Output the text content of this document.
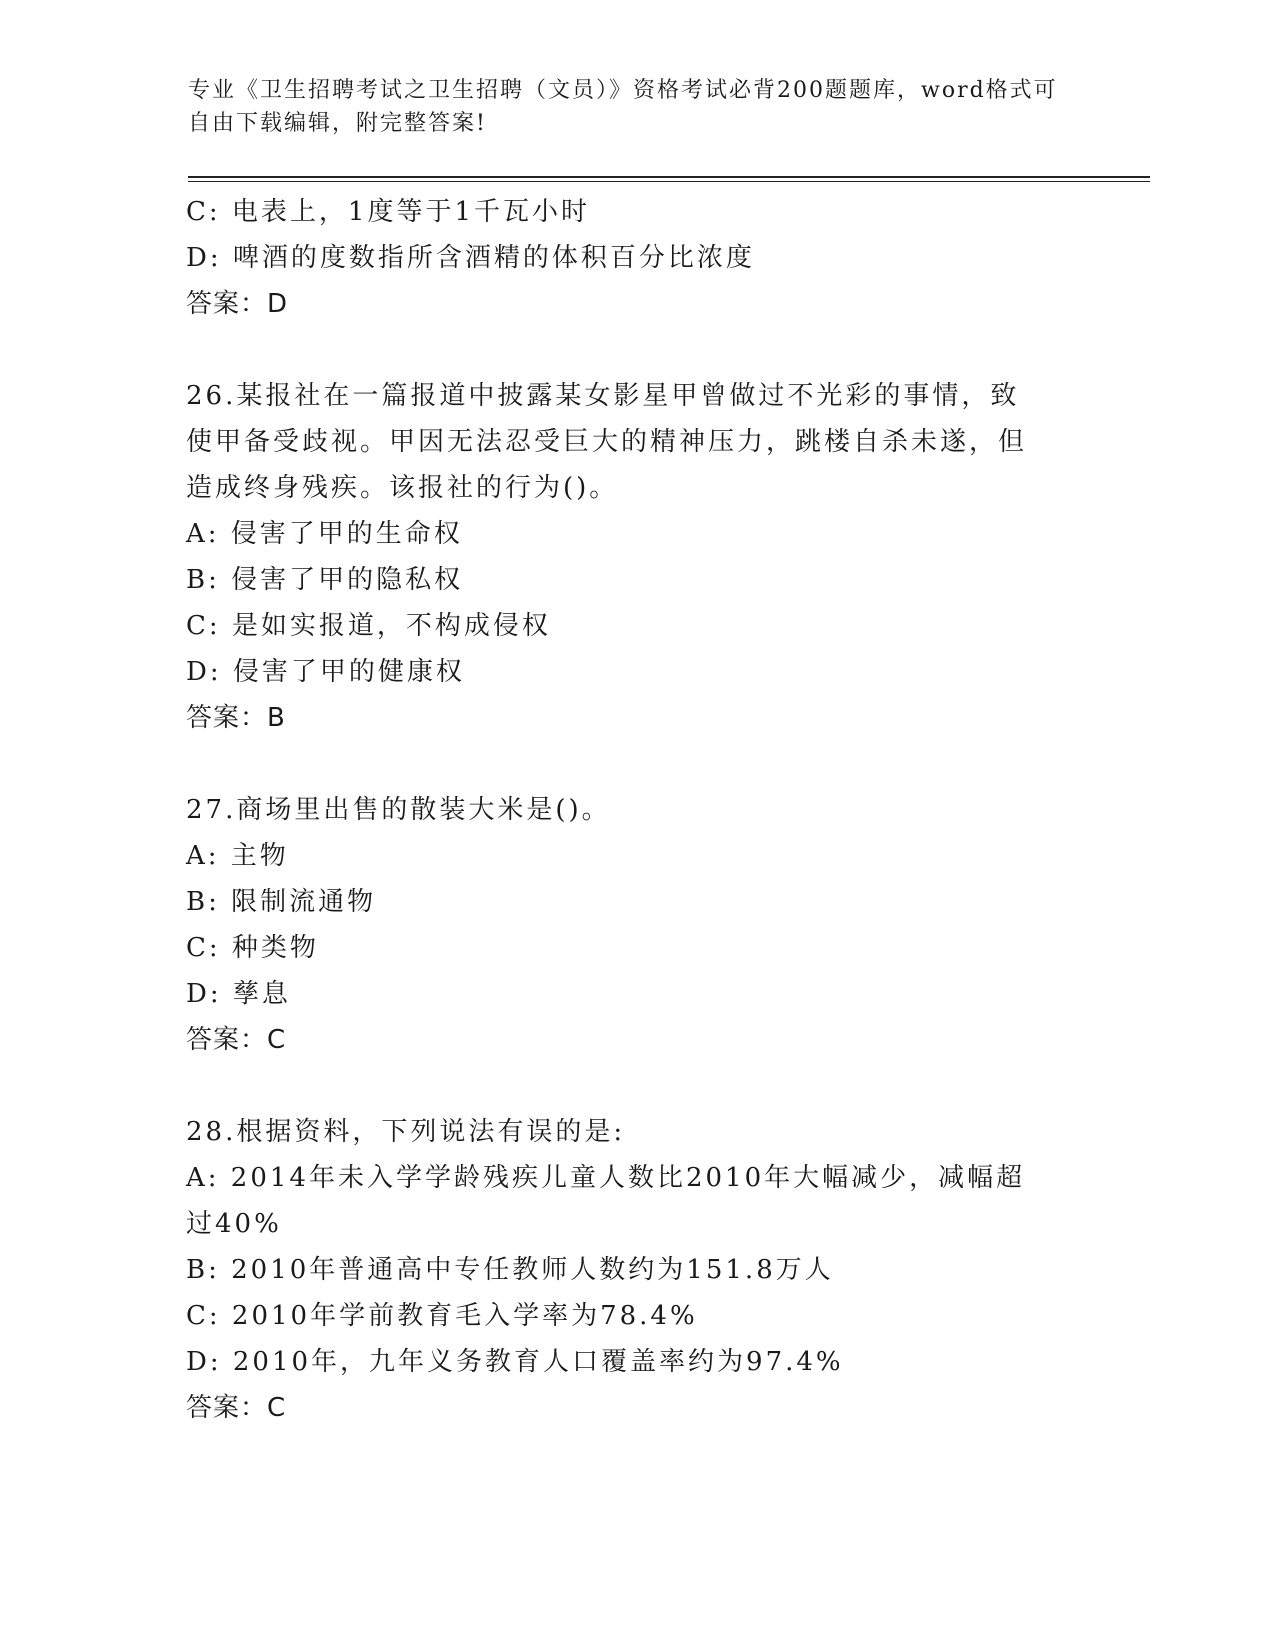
专业《卫生招聘考试之卫生招聘（文员）》资格考试必背200题题库，word格式可自由下载编辑，附完整答案!
C: 电表上，1度等于1千瓦小时
D: 啤酒的度数指所含酒精的体积百分比浓度
答案：D
26.某报社在一篇报道中披露某女影星甲曾做过不光彩的事情，致使甲备受歧视。甲因无法忍受巨大的精神压力，跳楼自杀未遂，但造成终身残疾。该报社的行为()。
A: 侵害了甲的生命权
B: 侵害了甲的隐私权
C: 是如实报道，不构成侵权
D: 侵害了甲的健康权
答案：B
27.商场里出售的散装大米是()。
A: 主物
B: 限制流通物
C: 种类物
D: 孳息
答案：C
28.根据资料，下列说法有误的是:
A: 2014年未入学学龄残疾儿童人数比2010年大幅减少，减幅超过40%
B: 2010年普通高中专任教师人数约为151.8万人
C: 2010年学前教育毛入学率为78.4%
D: 2010年，九年义务教育人口覆盖率约为97.4%
答案：C
